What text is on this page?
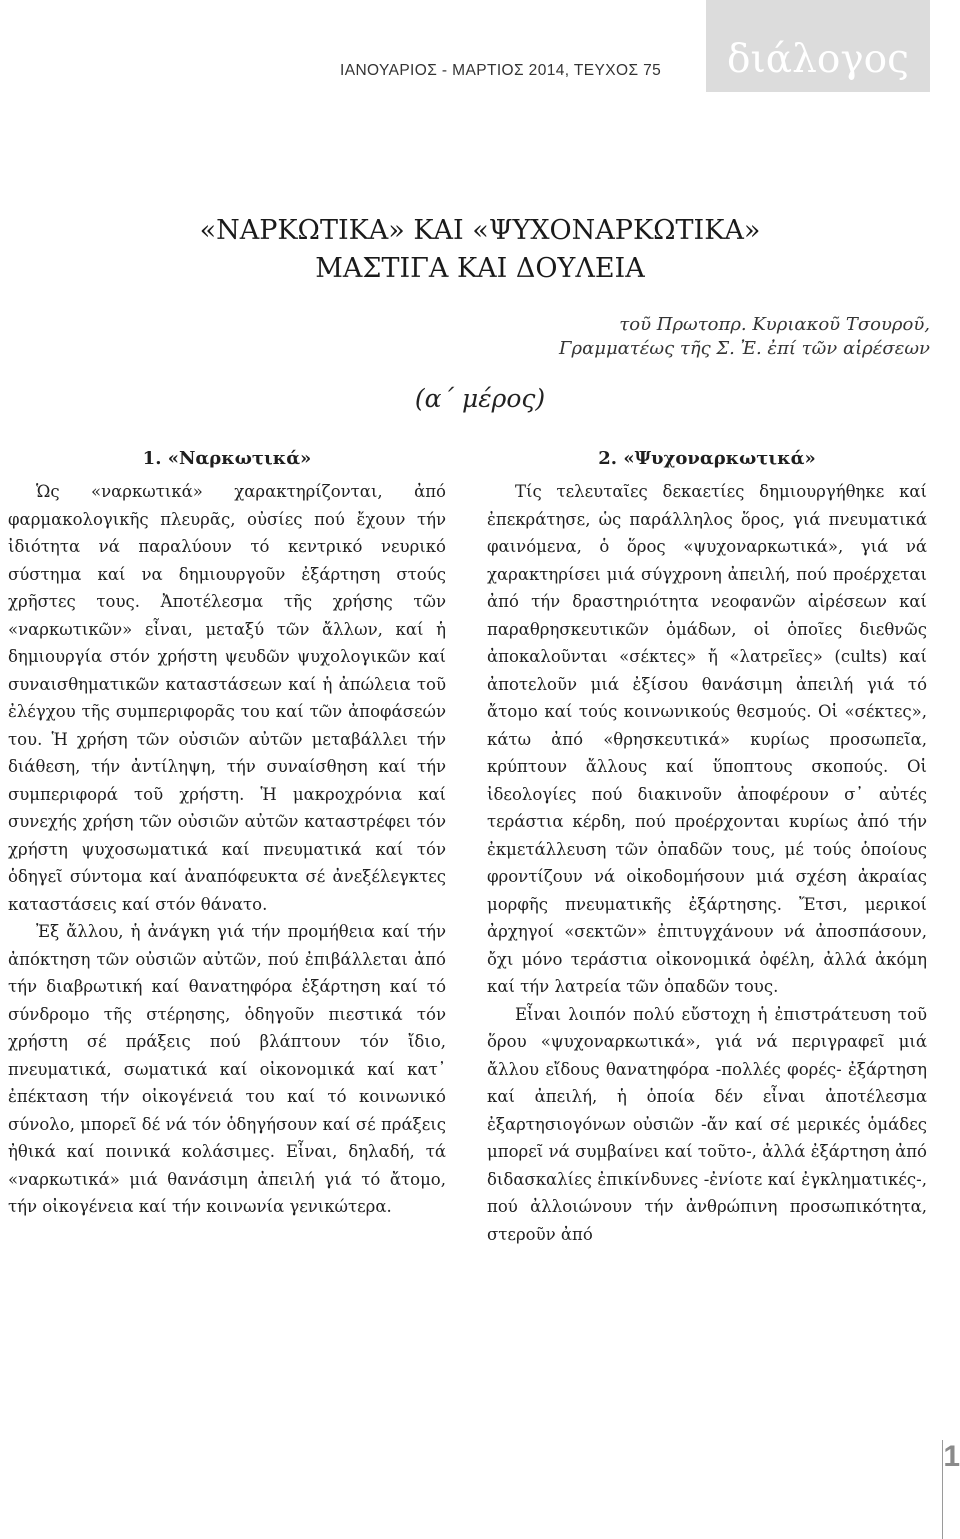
ΙΑΝΟΥΑΡΙΟΣ - ΜΑΡΤΙΟΣ 2014, ΤΕΥΧΟΣ 75	διάλογος
«ΝΑΡΚΩΤΙΚΑ» ΚΑΙ «ΨΥΧΟΝΑΡΚΩΤΙΚΑ»
ΜΑΣΤΙΓΑ ΚΑΙ ΔΟΥΛΕΙΑ
τοῦ Πρωτοπρ. Κυριακοῦ Τσουροῦ,
Γραμματέως τῆς Σ. Ἐ. ἐπί τῶν αἱρέσεων
(α΄ μέρος)
1. «Ναρκωτικά»

Ὡς «ναρκωτικά» χαρακτηρίζονται, ἀπό φαρμακολογικῆς πλευρᾶς, οὐσίες πού ἔχουν τήν ἰδιότητα νά παραλύουν τό κεντρικό νευρικό σύστημα καί να δημιουργοῦν ἐξάρτηση στούς χρῆστες τους. Ἀποτέλεσμα τῆς χρήσης τῶν «ναρκωτικῶν» εἶναι, μεταξύ τῶν ἄλλων, καί ἡ δημιουργία στόν χρήστη ψευδῶν ψυχολογικῶν καί συναισθηματικῶν καταστάσεων καί ἡ ἀπώλεια τοῦ ἐλέγχου τῆς συμπεριφορᾶς του καί τῶν ἀποφάσεών του. Ἡ χρήση τῶν οὐσιῶν αὐτῶν μεταβάλλει τήν διάθεση, τήν ἀντίληψη, τήν συναίσθηση καί τήν συμπεριφορά τοῦ χρήστη. Ἡ μακροχρόνια καί συνεχής χρήση τῶν οὐσιῶν αὐτῶν καταστρέφει τόν χρήστη ψυχοσωματικά καί πνευματικά καί τόν ὁδηγεῖ σύντομα καί ἀναπόφευκτα σέ ἀνεξέλεγκτες καταστάσεις καί στόν θάνατο.

Ἐξ ἄλλου, ἡ ἀνάγκη γιά τήν προμήθεια καί τήν ἀπόκτηση τῶν οὐσιῶν αὐτῶν, πού ἐπιβάλλεται ἀπό τήν διαβρωτική καί θανατηφόρα ἐξάρτηση καί τό σύνδρομο τῆς στέρησης, ὁδηγοῦν πιεστικά τόν χρήστη σέ πράξεις πού βλάπτουν τόν ἴδιο, πνευματικά, σωματικά καί οἰκονομικά καί κατ᾽ ἐπέκταση τήν οἰκογένειά του καί τό κοινωνικό σύνολο, μπορεῖ δέ νά τόν ὁδηγήσουν καί σέ πράξεις ἠθικά καί ποινικά κολάσιμες. Εἶναι, δηλαδή, τά «ναρκωτικά» μιά θανάσιμη ἀπειλή γιά τό ἄτομο, τήν οἰκογένεια καί τήν κοινωνία γενικώτερα.

2. «Ψυχοναρκωτικά»

Τίς τελευταῖες δεκαετίες δημιουργήθηκε καί ἐπεκράτησε, ὡς παράλληλος ὅρος, γιά πνευματικά φαινόμενα, ὁ ὅρος «ψυχοναρκωτικά», γιά νά χαρακτηρίσει μιά σύγχρονη ἀπειλή, πού προέρχεται ἀπό τήν δραστηριότητα νεοφανῶν αἱρέσεων καί παραθρησκευτικῶν ὁμάδων, οἱ ὁποῖες διεθνῶς ἀποκαλοῦνται «σέκτες» ἤ «λατρεῖες» (cults) καί ἀποτελοῦν μιά ἐξίσου θανάσιμη ἀπειλή γιά τό ἄτομο καί τούς κοινωνικούς θεσμούς. Οἱ «σέκτες», κάτω ἀπό «θρησκευτικά» κυρίως προσωπεῖα, κρύπτουν ἄλλους καί ὕποπτους σκοπούς. Οἱ ἰδεολογίες πού διακινοῦν ἀποφέρουν σ᾽ αὐτές τεράστια κέρδη, πού προέρχονται κυρίως ἀπό τήν ἐκμετάλλευση τῶν ὀπαδῶν τους, μέ τούς ὁποίους φροντίζουν νά οἰκοδομήσουν μιά σχέση ἀκραίας μορφῆς πνευματικῆς ἐξάρτησης. Ἔτσι, μερικοί ἀρχηγοί «σεκτῶν» ἐπιτυγχάνουν νά ἀποσπάσουν, ὄχι μόνο τεράστια οἰκονομικά ὀφέλη, ἀλλά ἀκόμη καί τήν λατρεία τῶν ὀπαδῶν τους.

Εἶναι λοιπόν πολύ εὔστοχη ἡ ἐπιστράτευση τοῦ ὅρου «ψυχοναρκωτικά», γιά νά περιγραφεῖ μιά ἄλλου εἴδους θανατηφόρα -πολλές φορές- ἐξάρτηση καί ἀπειλή, ἡ ὁποία δέν εἶναι ἀποτέλεσμα ἐξαρτησιογόνων οὐσιῶν -ἄν καί σέ μερικές ὁμάδες μπορεῖ νά συμβαίνει καί τοῦτο-, ἀλλά ἐξάρτηση ἀπό διδασκαλίες ἐπικίνδυνες -ἐνίοτε καί ἐγκληματικές-, πού ἀλλοιώνουν τήν ἀνθρώπινη προσωπικότητα, στεροῦν ἀπό

1
